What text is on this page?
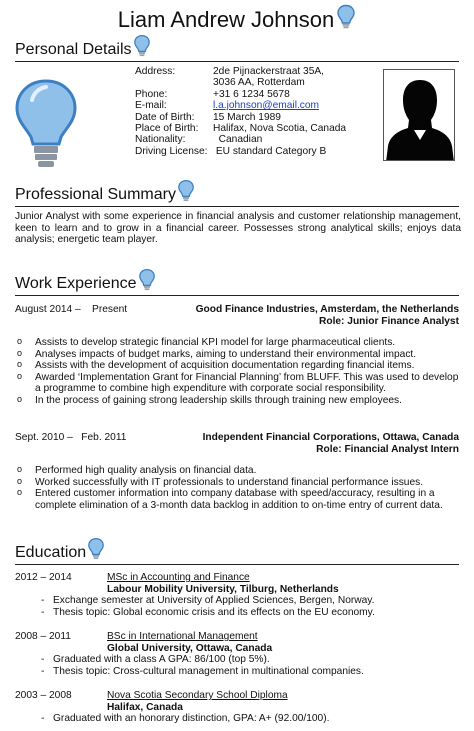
Liam Andrew Johnson
Personal Details
Address:	2de Pijnackerstraat 35A,
3036 AA, Rotterdam
Phone:	+31 6 1234 5678
E-mail:	l.a.johnson@email.com
Date of Birth:	15 March 1989
Place of Birth:	Halifax, Nova Scotia, Canada
Nationality:	Canadian
Driving License: EU standard Category B
Professional Summary
Junior Analyst with some experience in financial analysis and customer relationship management, keen to learn and to grow in a financial career. Possesses strong analytical skills; enjoys data analysis; energetic team player.
Work Experience
August 2014 –    Present	Good Finance Industries, Amsterdam, the Netherlands
Role: Junior Finance Analyst
o Assists to develop strategic financial KPI model for large pharmaceutical clients.
o Analyses impacts of budget marks, aiming to understand their environmental impact.
o Assists with the development of acquisition documentation regarding financial items.
o Awarded ‘Implementation Grant for Financial Planning’ from BLUFF. This was used to develop a programme to combine high expenditure with corporate social responsibility.
o In the process of gaining strong leadership skills through training new employees.
Sept. 2010 –   Feb. 2011	Independent Financial Corporations, Ottawa, Canada
Role: Financial Analyst Intern
o Performed high quality analysis on financial data.
o Worked successfully with IT professionals to understand financial performance issues.
o Entered customer information into company database with speed/accuracy, resulting in a complete elimination of a 3-month data backlog in addition to on-time entry of current data.
Education
2012 – 2014	MSc in Accounting and Finance
Labour Mobility University, Tilburg, Netherlands
- Exchange semester at University of Applied Sciences, Bergen, Norway.
- Thesis topic: Global economic crisis and its effects on the EU economy.
2008 – 2011	BSc in International Management
Global University, Ottawa, Canada
- Graduated with a class A GPA: 86/100 (top 5%).
- Thesis topic: Cross-cultural management in multinational companies.
2003 – 2008	Nova Scotia Secondary School Diploma
Halifax, Canada
- Graduated with an honorary distinction, GPA: A+ (92.00/100).
